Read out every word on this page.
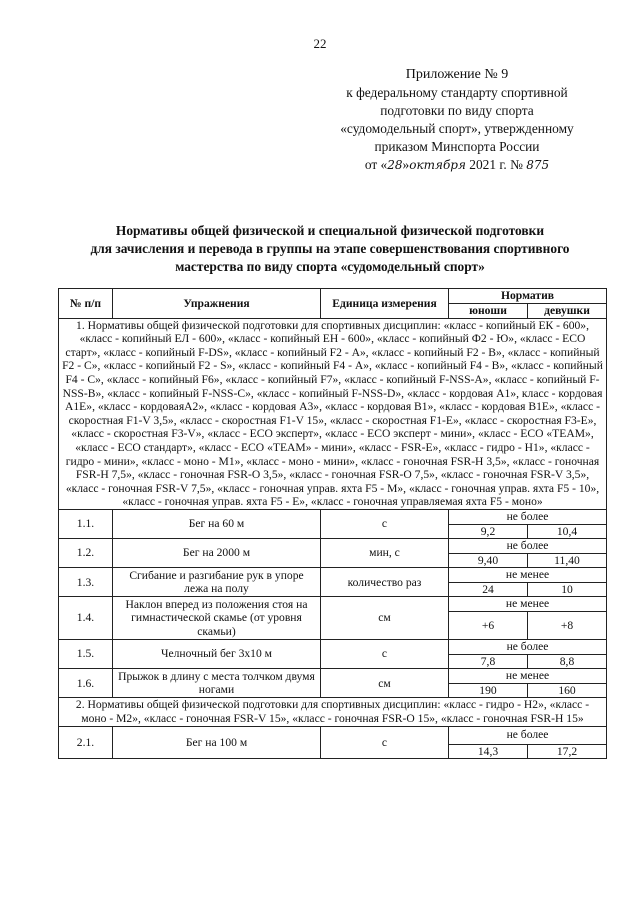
22
Приложение № 9
к федеральному стандарту спортивной
подготовки по виду спорта
«судомодельный спорт», утвержденному
приказом Минспорта России
от «28»октября 2021 г. № 875
Нормативы общей физической и специальной физической подготовки
для зачисления и перевода в группы на этапе совершенствования спортивного
мастерства по виду спорта «судомодельный спорт»
№ п/п	Упражнения	Единица измерения	Норматив	
			юноши	девушки
1. Нормативы общей физической подготовки для спортивных дисциплин: «класс - копийный ЕК - 600», «класс - копийный ЕЛ - 600», «класс - копийный ЕН - 600», «класс - копийный Ф2 - Ю», «класс - ECO старт», «класс - копийный F-DS», «класс - копийный F2 - А», «класс - копийный F2 - В», «класс - копийный F2 - С», «класс - копийный F2 - S», «класс - копийный F4 - А», «класс - копийный F4 - В», «класс - копийный F4 - С», «класс - копийный F6», «класс - копийный F7», «класс - копийный F-NSS-A», «класс - копийный F-NSS-B», «класс - копийный F-NSS-C», «класс - копийный F-NSS-D», «класс - кордовая А1», класс - кордовая А1Е», «класс - кордоваяА2», «класс - кордовая А3», «класс - кордовая В1», «класс - кордовая В1Е», «класс - скоростная F1-V 3,5», «класс - скоростная F1-V 15», «класс - скоростная F1-E», «класс - скоростная F3-E», «класс - скоростная F3-V», «класс - ECO эксперт», «класс - ECO эксперт - мини», «класс - ECO «ТЕАМ», «класс - ECO стандарт», «класс - ECO «ТЕАМ» - мини», «класс - FSR-E», «класс - гидро - Н1», «класс - гидро - мини», «класс - моно - М1», «класс - моно - мини», «класс - гоночная FSR-H 3,5», «класс - гоночная FSR-H 7,5», «класс - гоночная FSR-O 3,5», «класс - гоночная FSR-O 7,5», «класс - гоночная FSR-V 3,5», «класс - гоночная FSR-V 7,5», «класс - гоночная управ. яхта F5 - М», «класс - гоночная управ. яхта F5 - 10», «класс - гоночная управ. яхта F5 - Е», «класс - гоночная управляемая яхта F5 - моно»				
1.1.	Бег на 60 м	с	не более	
			9,2	10,4
1.2.	Бег на 2000 м	мин, с	не более	
			9,40	11,40
1.3.	Сгибание и разгибание рук в упоре лежа на полу	количество раз	не менее	
			24	10
1.4.	Наклон вперед из положения стоя на гимнастической скамье (от уровня скамьи)	см	не менее	
			+6	+8
1.5.	Челночный бег 3х10 м	с	не более	
			7,8	8,8
1.6.	Прыжок в длину с места толчком двумя ногами	см	не менее	
			190	160
2. Нормативы общей физической подготовки для спортивных дисциплин: «класс - гидро - Н2», «класс - моно - М2», «класс - гоночная FSR-V 15», «класс - гоночная FSR-O 15», «класс - гоночная FSR-H 15»				
2.1.	Бег на 100 м	с	не более	
			14,3	17,2
